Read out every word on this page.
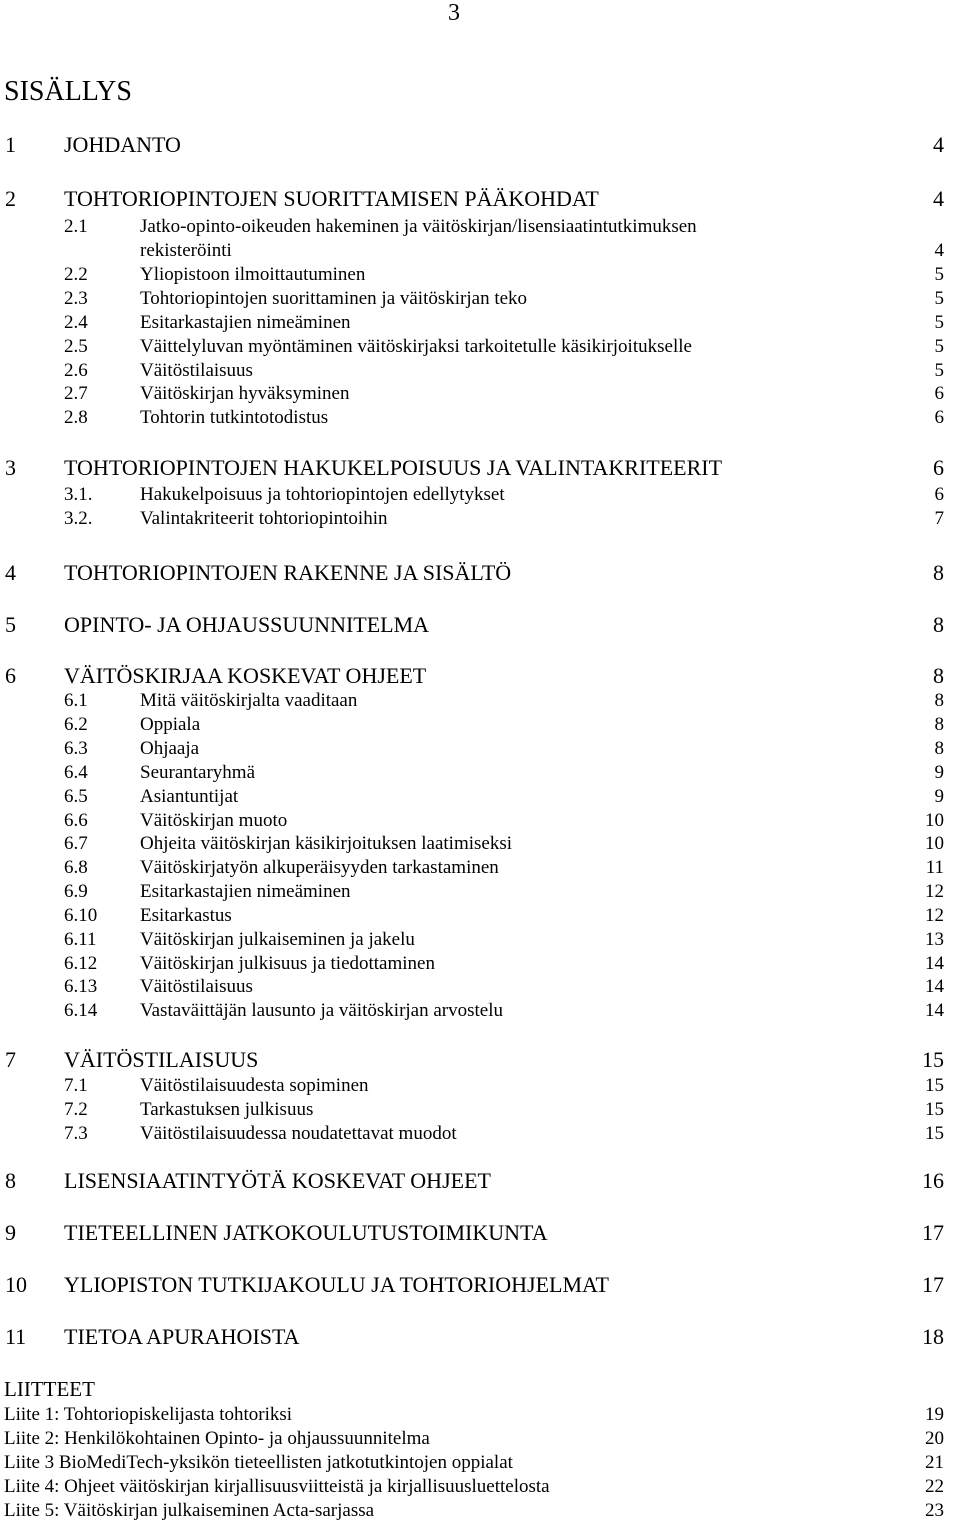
3
SISÄLLYS
1 JOHDANTO	4
2 TOHTORIOPINTOJEN SUORITTAMISEN PÄÄKOHDAT	4
2.1	Jatko-opinto-oikeuden hakeminen ja väitöskirjan/lisensiaatintutkimuksen
rekisteröinti	4
2.2	Yliopistoon ilmoittautuminen	5
2.3	Tohtoriopintojen suorittaminen ja väitöskirjan teko	5
2.4	Esitarkastajien nimeäminen	5
2.5	Väittelyluvan myöntäminen väitöskirjaksi tarkoitetulle käsikirjoitukselle	5
2.6	Väitöstilaisuus	5
2.7	Väitöskirjan hyväksyminen	6
2.8	Tohtorin tutkintotodistus	6
3 TOHTORIOPINTOJEN HAKUKELPOISUUS JA VALINTAKRITEERIT	6
3.1.	Hakukelpoisuus ja tohtoriopintojen edellytykset	6
3.2.	Valintakriteerit tohtoriopintoihin	7
4 TOHTORIOPINTOJEN RAKENNE JA SISÄLTÖ	8
5 OPINTO- JA OHJAUSSUUNNITELMA	8
6 VÄITÖSKIRJAA KOSKEVAT OHJEET	8
6.1	Mitä väitöskirjalta vaaditaan	8
6.2	Oppiala	8
6.3	Ohjaaja	8
6.4	Seurantaryhmä	9
6.5	Asiantuntijat	9
6.6	Väitöskirjan muoto	10
6.7	Ohjeita väitöskirjan käsikirjoituksen laatimiseksi	10
6.8	Väitöskirjatyön alkuperäisyyden tarkastaminen	11
6.9	Esitarkastajien nimeäminen	12
6.10 Esitarkastus	12
6.11 Väitöskirjan julkaiseminen ja jakelu	13
6.12 Väitöskirjan julkisuus ja tiedottaminen	14
6.13 Väitöstilaisuus	14
6.14 Vastaväittäjän lausunto ja väitöskirjan arvostelu	14
7 VÄITÖSTILAISUUS	15
7.1	Väitöstilaisuudesta sopiminen	15
7.2	Tarkastuksen julkisuus	15
7.3	Väitöstilaisuudessa noudatettavat muodot	15
8 LISENSIAATINTYÖTÄ KOSKEVAT OHJEET	16
9 TIETEELLINEN JATKOKOULUTUSTOIMIKUNTA	17
10 YLIOPISTON TUTKIJAKOULU JA TOHTORIOHJELMAT	17
11 TIETOA APURAHOISTA	18
LIITTEET
Liite 1: Tohtoriopiskelijasta tohtoriksi	19
Liite 2: Henkilökohtainen Opinto- ja ohjaussuunnitelma	20
Liite 3 BioMediTech-yksikön tieteellisten jatkotutkintojen oppialat	21
Liite 4: Ohjeet väitöskirjan kirjallisuusviitteistä ja kirjallisuusluettelosta	22
Liite 5: Väitöskirjan julkaiseminen Acta-sarjassa	23
